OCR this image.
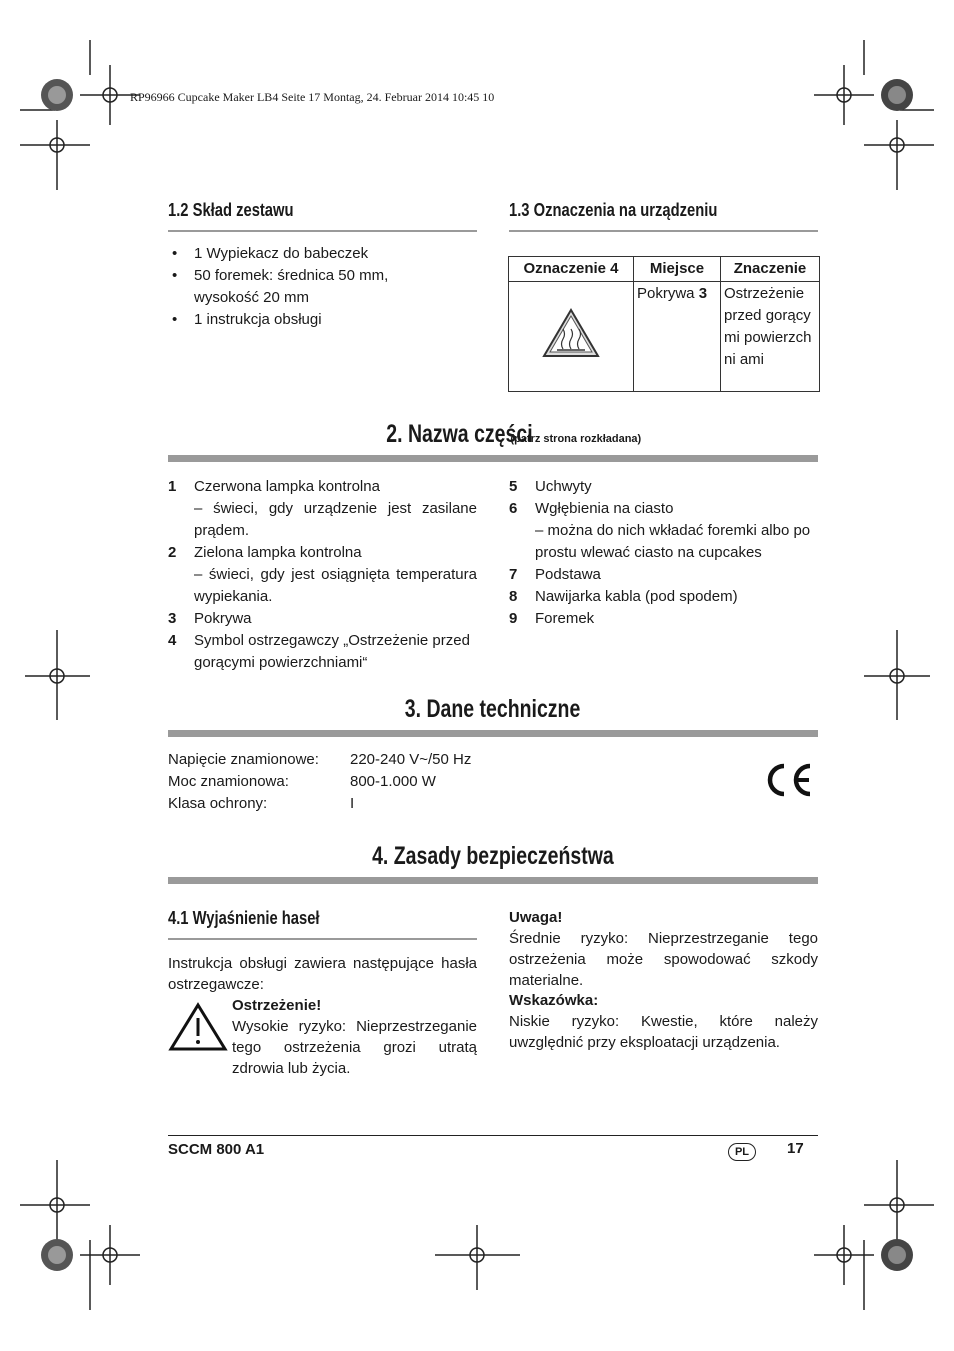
RP96966 Cupcake Maker LB4 Seite 17 Montag, 24. Februar 2014 10:45 10
1.2 Skład zestawu
• 1 Wypiekacz do babeczek
• 50 foremek: średnica 50 mm, wysokość 20 mm
• 1 instrukcja obsługi
1.3 Oznaczenia na urządzeniu
Oznaczenie 4	Miejsce	Znaczenie
	Pokrywa 3	Ostrzeżenie przed gorącymi powierzchni ami
2. Nazwa części(patrz strona rozkładana)
1	Czerwona lampka kontrolna
– świeci, gdy urządzenie jest zasilane prądem.
2	Zielona lampka kontrolna
– świeci, gdy jest osiągnięta temperatura wypiekania.
3	Pokrywa
4	Symbol ostrzegawczy „Ostrzeżenie przed gorącymi powierzchniami“
5	Uchwyty
6	Wgłębienia na ciasto
– można do nich wkładać foremki albo po prostu wlewać ciasto na cupcakes
7	Podstawa
8	Nawijarka kabla (pod spodem)
9	Foremek
3. Dane techniczne
Napięcie znamionowe:	220-240 V~/50 Hz
Moc znamionowa:	800-1.000 W
Klasa ochrony:	I
4. Zasady bezpieczeństwa
4.1 Wyjaśnienie haseł
Instrukcja obsługi zawiera następujące hasła ostrzegawcze:
Ostrzeżenie!
Wysokie ryzyko: Nieprzestrzeganie tego ostrzeżenia grozi utratą zdrowia lub życia.
Uwaga!
Średnie ryzyko: Nieprzestrzeganie tego ostrzeżenia może spowodować szkody materialne.
Wskazówka:
Niskie ryzyko: Kwestie, które należy uwzględnić przy eksploatacji urządzenia.
SCCM 800 A1	PL	17
